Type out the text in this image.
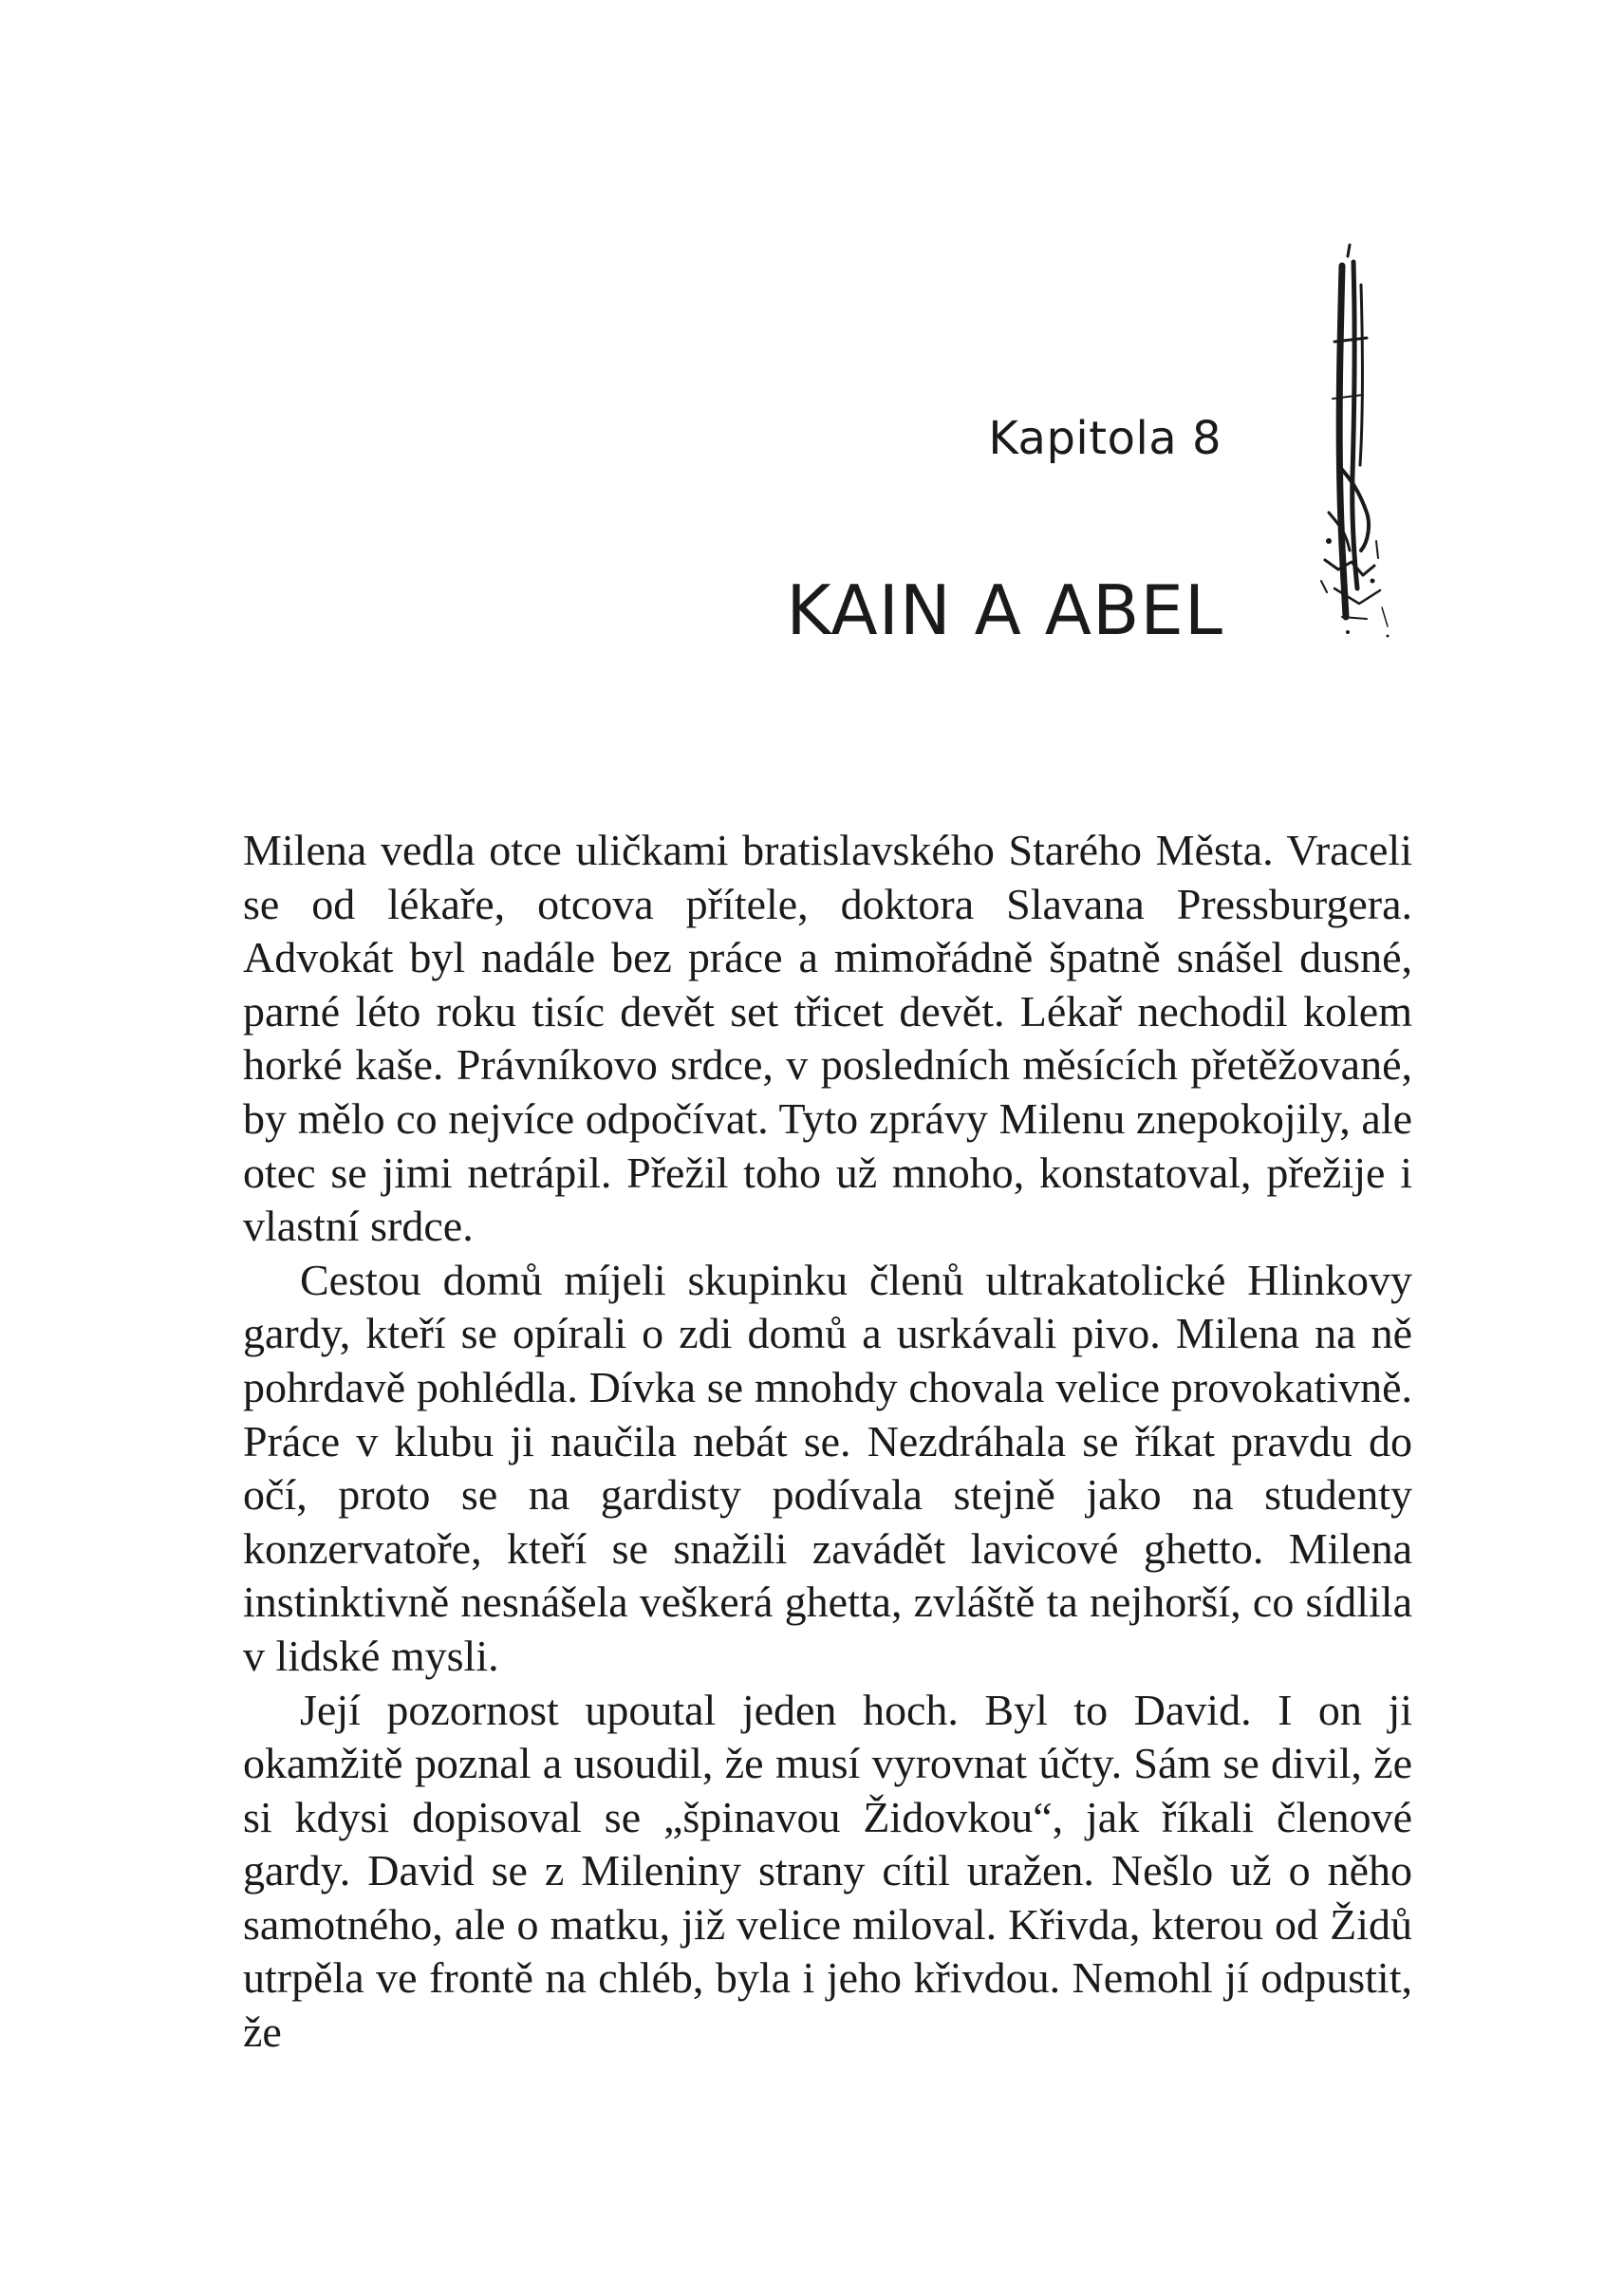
Kapitola 8
KAIN A ABEL

Milena vedla otce uličkami bratislavského Starého Města. Vraceli se od lékaře, otcova přítele, doktora Slavana Pressburgera. Advokát byl nadále bez práce a mimořádně špatně snášel dusné, parné léto roku tisíc devět set třicet devět. Lékař nechodil kolem horké kaše. Právníkovo srdce, v posledních měsících přetěžované, by mělo co nejvíce odpočívat. Tyto zprávy Milenu znepokojily, ale otec se jimi netrápil. Přežil toho už mnoho, konstatoval, přežije i vlastní srdce.

Cestou domů míjeli skupinku členů ultrakatolické Hlinkovy gardy, kteří se opírali o zdi domů a usrkávali pivo. Milena na ně pohrdavě pohlédla. Dívka se mnohdy chovala velice provokativně. Práce v klubu ji naučila nebát se. Nezdráhala se říkat pravdu do očí, proto se na gardisty podívala stejně jako na studenty konzervatoře, kteří se snažili zavádět lavicové ghetto. Milena instinktivně nesnášela veškerá ghetta, zvláště ta nejhorší, co sídlila v lidské mysli.

Její pozornost upoutal jeden hoch. Byl to David. I on ji okamžitě poznal a usoudil, že musí vyrovnat účty. Sám se divil, že si kdysi dopisoval se „špinavou Židovkou“, jak říkali členové gardy. David se z Mileniny strany cítil uražen. Nešlo už o něho samotného, ale o matku, již velice miloval. Křivda, kterou od Židů utrpěla ve frontě na chléb, byla i jeho křivdou. Nemohl jí odpustit, že
